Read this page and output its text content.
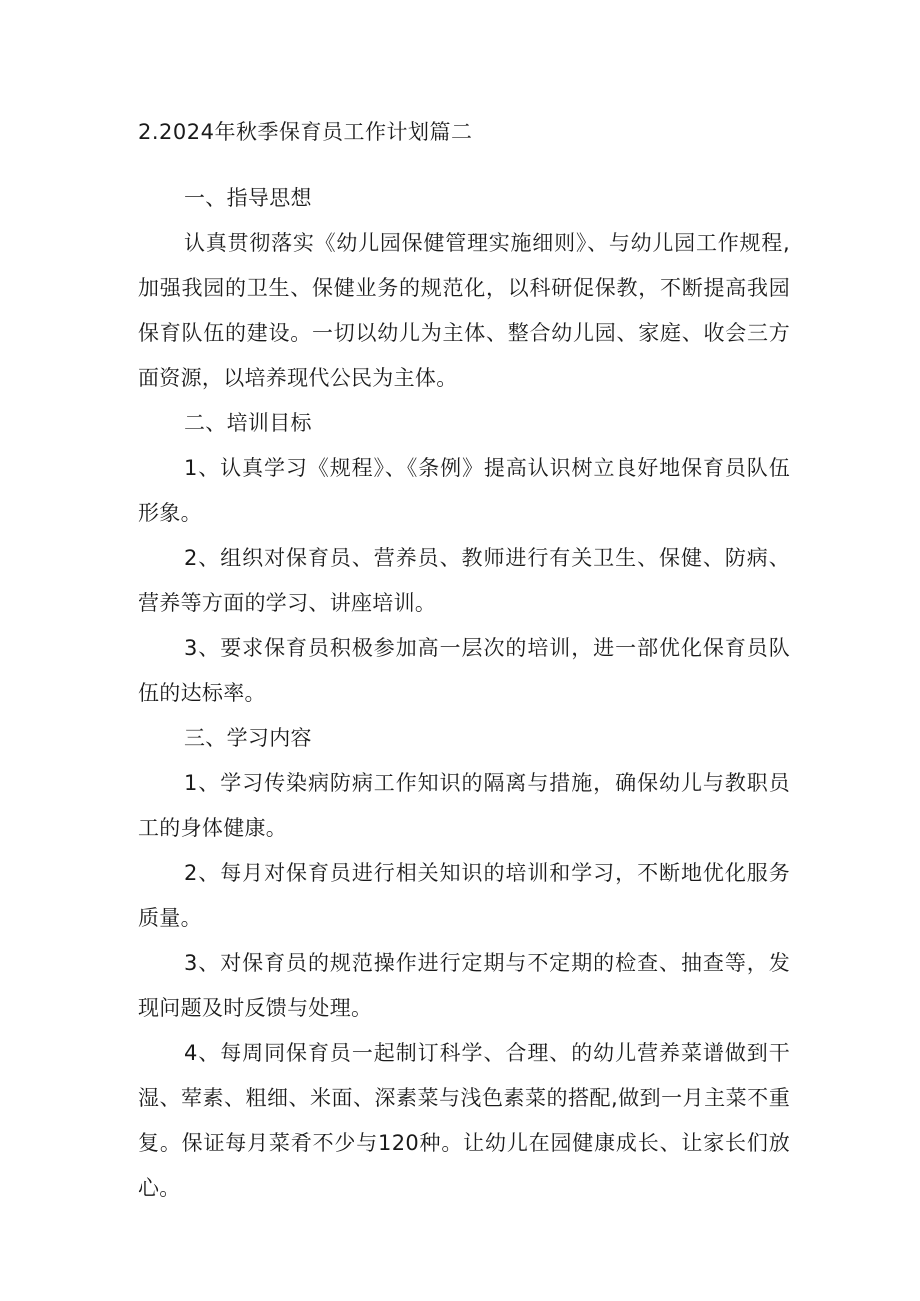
2.2024年秋季保育员工作计划篇二

一、指导思想

认真贯彻落实《幼儿园保健管理实施细则》、与幼儿园工作规程,加强我园的卫生、保健业务的规范化，以科研促保教，不断提高我园保育队伍的建设。一切以幼儿为主体、整合幼儿园、家庭、收会三方面资源，以培养现代公民为主体。

二、培训目标

1、认真学习《规程》、《条例》提高认识树立良好地保育员队伍形象。

2、组织对保育员、营养员、教师进行有关卫生、保健、防病、营养等方面的学习、讲座培训。

3、要求保育员积极参加高一层次的培训，进一部优化保育员队伍的达标率。

三、学习内容

1、学习传染病防病工作知识的隔离与措施，确保幼儿与教职员工的身体健康。

2、每月对保育员进行相关知识的培训和学习，不断地优化服务质量。

3、对保育员的规范操作进行定期与不定期的检查、抽查等，发现问题及时反馈与处理。

4、每周同保育员一起制订科学、合理、的幼儿营养菜谱做到干湿、荤素、粗细、米面、深素菜与浅色素菜的搭配,做到一月主菜不重复。保证每月菜肴不少与120种。让幼儿在园健康成长、让家长们放心。
